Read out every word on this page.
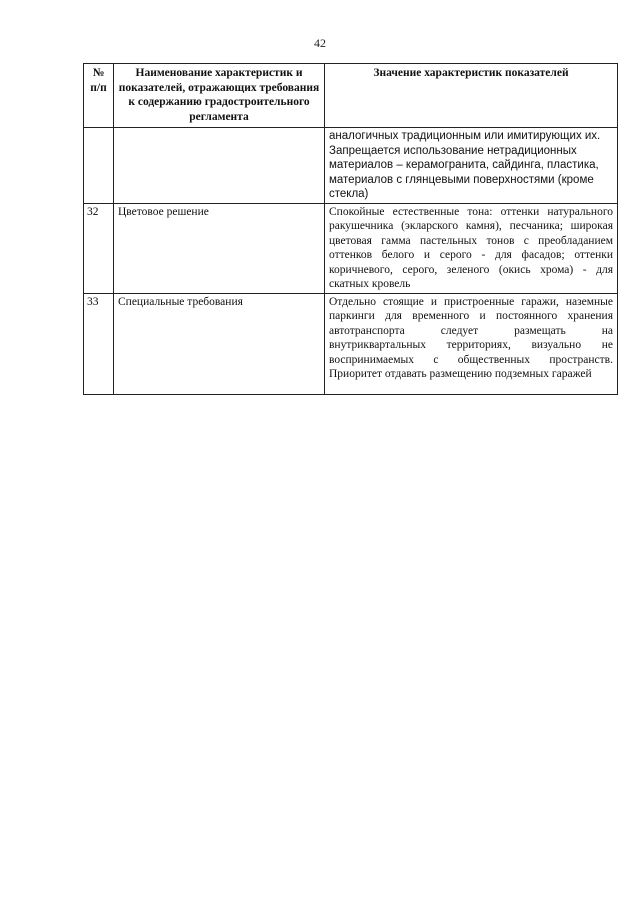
42
№ п/п	Наименование характеристик и показателей, отражающих требования к содержанию градостроительного регламента	Значение характеристик показателей
		аналогичных традиционным или имитирующих их. Запрещается использование нетрадиционных материалов – керамогранита, сайдинга, пластика, материалов с глянцевыми поверхностями (кроме стекла)
32	Цветовое решение	Спокойные естественные тона: оттенки натурального ракушечника (экларского камня), песчаника; широкая цветовая гамма пастельных тонов с преобладанием оттенков белого и серого - для фасадов; оттенки коричневого, серого, зеленого (окись хрома) - для скатных кровель
33	Специальные требования	Отдельно стоящие и пристроенные гаражи, наземные паркинги для временного и постоянного хранения автотранспорта следует размещать на внутриквартальных территориях, визуально не воспринимаемых с общественных пространств. Приоритет отдавать размещению подземных гаражей
